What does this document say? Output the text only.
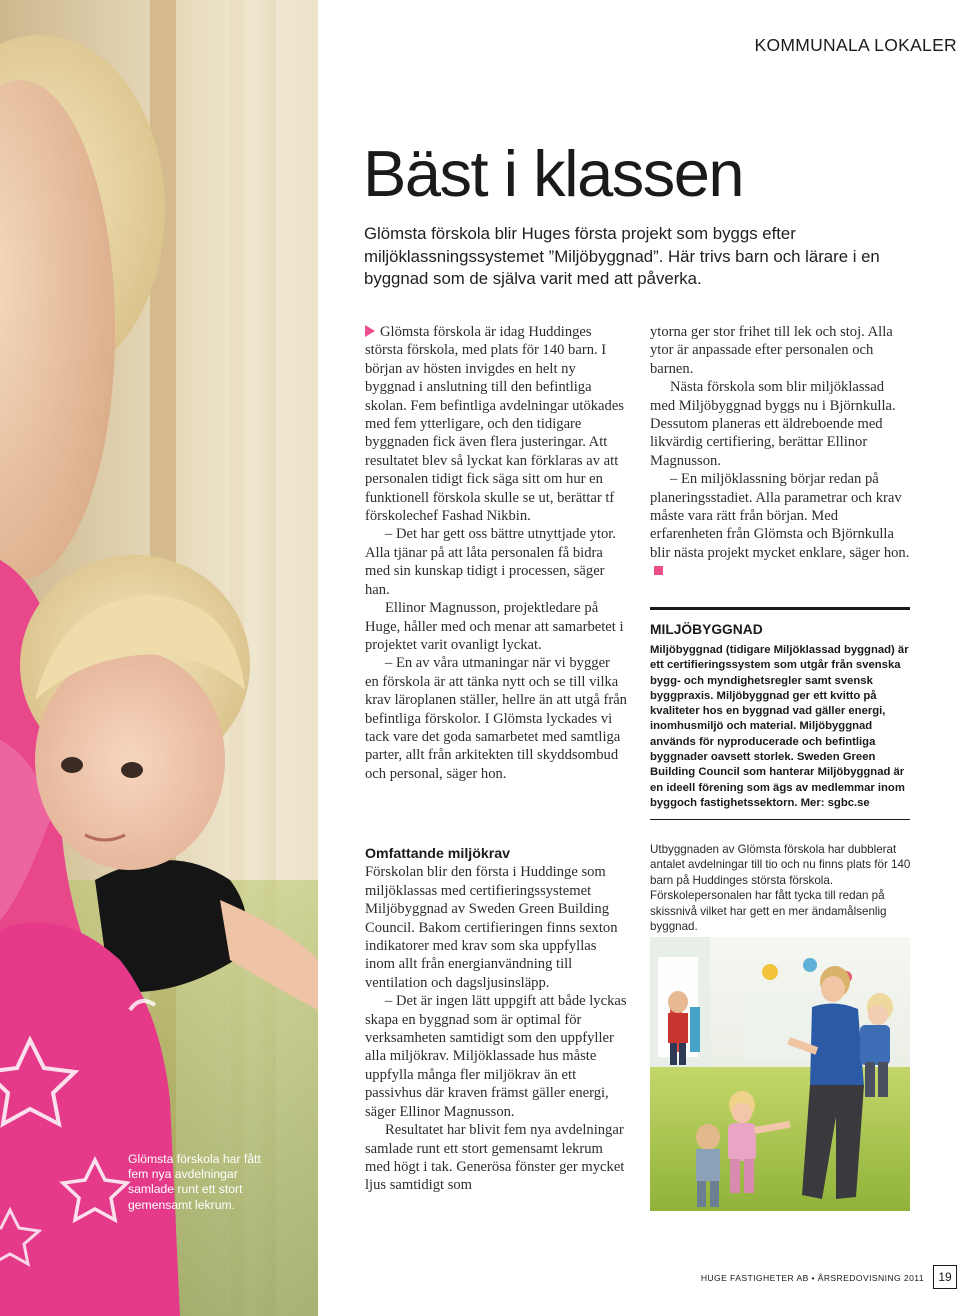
Glömsta förskola har fått fem nya avdelningar samlade runt ett stort gemensamt lekrum.
KOMMUNALA LOKALER
Bäst i klassen

Glömsta förskola blir Huges första projekt som byggs efter miljöklassningssystemet ”Miljöbyggnad”. Här trivs barn och lärare i en byggnad som de själva varit med att påverka.

Glömsta förskola är idag Huddinges största förskola, med plats för 140 barn. I början av hösten invigdes en helt ny byggnad i anslutning till den befintliga skolan. Fem befintliga avdelningar utökades med fem ytterligare, och den tidigare byggnaden fick även flera justeringar. Att resultatet blev så lyckat kan förklaras av att personalen tidigt fick säga sitt om hur en funktionell förskola skulle se ut, berättar tf förskolechef Fashad Nikbin.

– Det har gett oss bättre utnyttjade ytor. Alla tjänar på att låta personalen få bidra med sin kunskap tidigt i processen, säger han.

Ellinor Magnusson, projektledare på Huge, håller med och menar att samarbetet i projektet varit ovanligt lyckat.

– En av våra utmaningar när vi bygger en förskola är att tänka nytt och se till vilka krav läroplanen ställer, hellre än att utgå från befintliga förskolor. I Glömsta lyckades vi tack vare det goda samarbetet med samtliga parter, allt från arkitekten till skyddsombud och personal, säger hon.

Omfattande miljökrav

Förskolan blir den första i Huddinge som miljöklassas med certifieringssystemet Miljöbyggnad av Sweden Green Building Council. Bakom certifieringen finns sexton indikatorer med krav som ska uppfyllas inom allt från energianvändning till ventilation och dagsljusinsläpp.

– Det är ingen lätt uppgift att både lyckas skapa en byggnad som är optimal för verksamheten samtidigt som den uppfyller alla miljökrav. Miljöklassade hus måste uppfylla många fler miljökrav än ett passivhus där kraven främst gäller energi, säger Ellinor Magnusson.

Resultatet har blivit fem nya avdelningar samlade runt ett stort gemensamt lekrum med högt i tak. Generösa fönster ger mycket ljus samtidigt som

ytorna ger stor frihet till lek och stoj. Alla ytor är anpassade efter personalen och barnen.

Nästa förskola som blir miljöklassad med Miljöbyggnad byggs nu i Björnkulla. Dessutom planeras ett äldreboende med likvärdig certifiering, berättar Ellinor Magnusson.

– En miljöklassning börjar redan på planeringsstadiet. Alla parametrar och krav måste vara rätt från början. Med erfarenheten från Glömsta och Björnkulla blir nästa projekt mycket enklare, säger hon.

MILJÖBYGGNAD
Miljöbyggnad (tidigare Miljöklassad byggnad) är ett certifieringssystem som utgår från svenska bygg- och myndighetsregler samt svensk byggpraxis. Miljöbyggnad ger ett kvitto på kvaliteter hos en byggnad vad gäller energi, inomhusmiljö och material. Miljöbyggnad används för nyproducerade och befintliga byggnader oavsett storlek. Sweden Green Building Council som hanterar Miljöbyggnad är en ideell förening som ägs av medlemmar inom byggoch fastighetssektorn. Mer: sgbc.se
Utbyggnaden av Glömsta förskola har dubblerat antalet avdelningar till tio och nu finns plats för 140 barn på Huddinges största förskola. Förskolepersonalen har fått tycka till redan på skissnivå vilket har gett en mer ändamålsenlig byggnad.
HUGE FASTIGHETER AB • ÅRSREDOVISNING 2011	19
